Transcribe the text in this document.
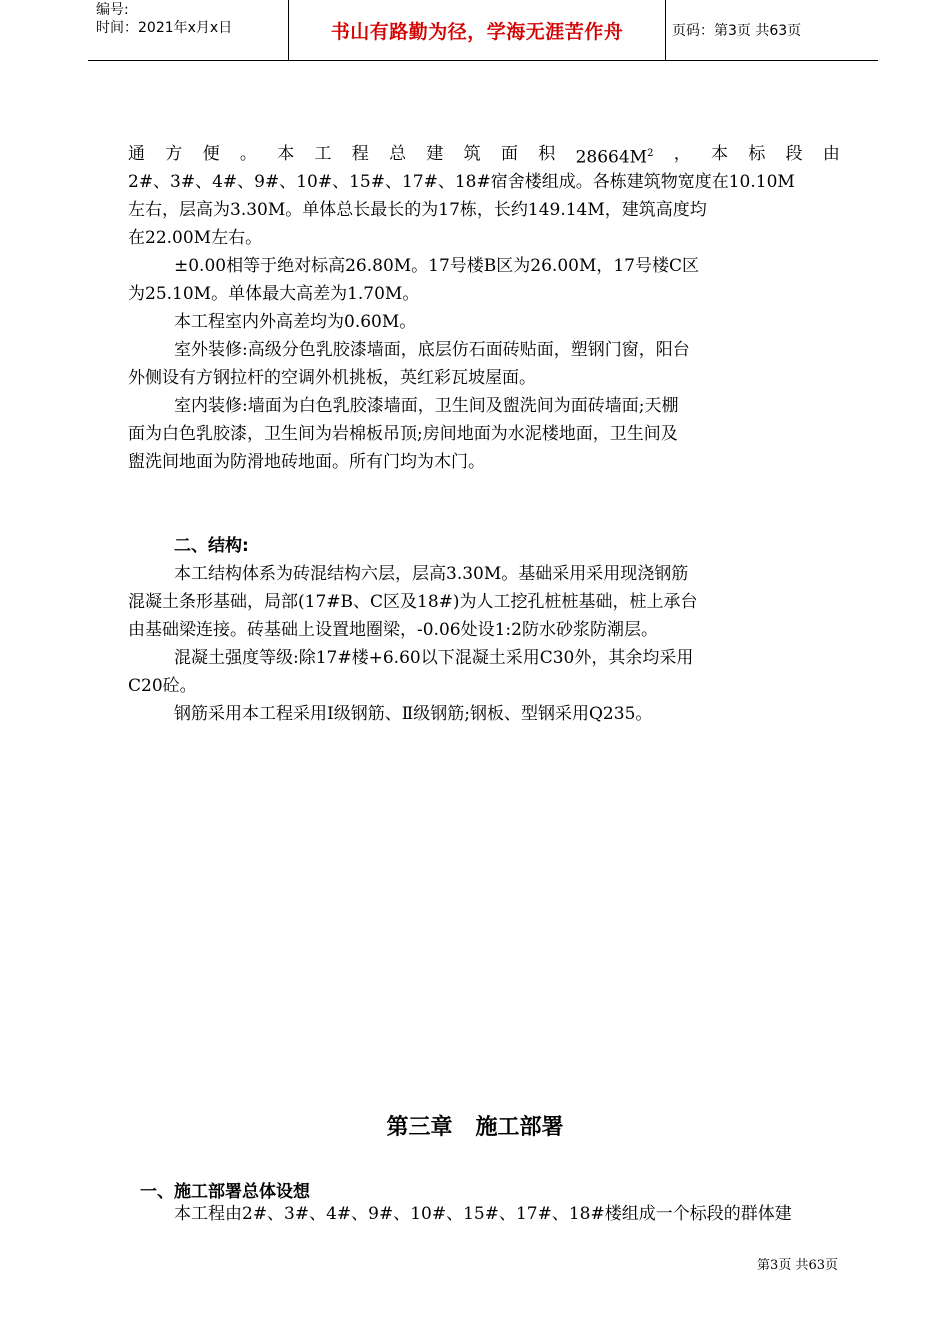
编号:
时间：2021年x月x日	书山有路勤为径，学海无涯苦作舟	页码：第3页 共63页
通 方 便 。 本 工 程 总 建 筑 面 积 $28664M^2$ ， 本 标 段 由
2#、3#、4#、9#、10#、15#、17#、18#宿舍楼组成。各栋建筑物宽度在10.10M
左右，层高为3.30M。单体总长最长的为17栋，长约149.14M，建筑高度均
在22.00M左右。
±0.00相等于绝对标高26.80M。17号楼B区为26.00M，17号楼C区
为25.10M。单体最大高差为1.70M。
本工程室内外高差均为0.60M。
室外装修:高级分色乳胶漆墙面，底层仿石面砖贴面，塑钢门窗，阳台
外侧设有方钢拉杆的空调外机挑板，英红彩瓦坡屋面。
室内装修:墙面为白色乳胶漆墙面，卫生间及盥洗间为面砖墙面;天棚
面为白色乳胶漆，卫生间为岩棉板吊顶;房间地面为水泥楼地面，卫生间及
盥洗间地面为防滑地砖地面。所有门均为木门。
二、结构:
本工结构体系为砖混结构六层，层高3.30M。基础采用采用现浇钢筋
混凝土条形基础，局部(17#B、C区及18#)为人工挖孔桩桩基础，桩上承台
由基础梁连接。砖基础上设置地圈梁，-0.06处设1:2防水砂浆防潮层。
混凝土强度等级:除17#楼+6.60以下混凝土采用C30外，其余均采用
C20砼。
钢筋采用本工程采用Ⅰ级钢筋、Ⅱ级钢筋;钢板、型钢采用Q235。
第三章   施工部署
一、施工部署总体设想
本工程由2#、3#、4#、9#、10#、15#、17#、18#楼组成一个标段的群体建
第3页 共63页
